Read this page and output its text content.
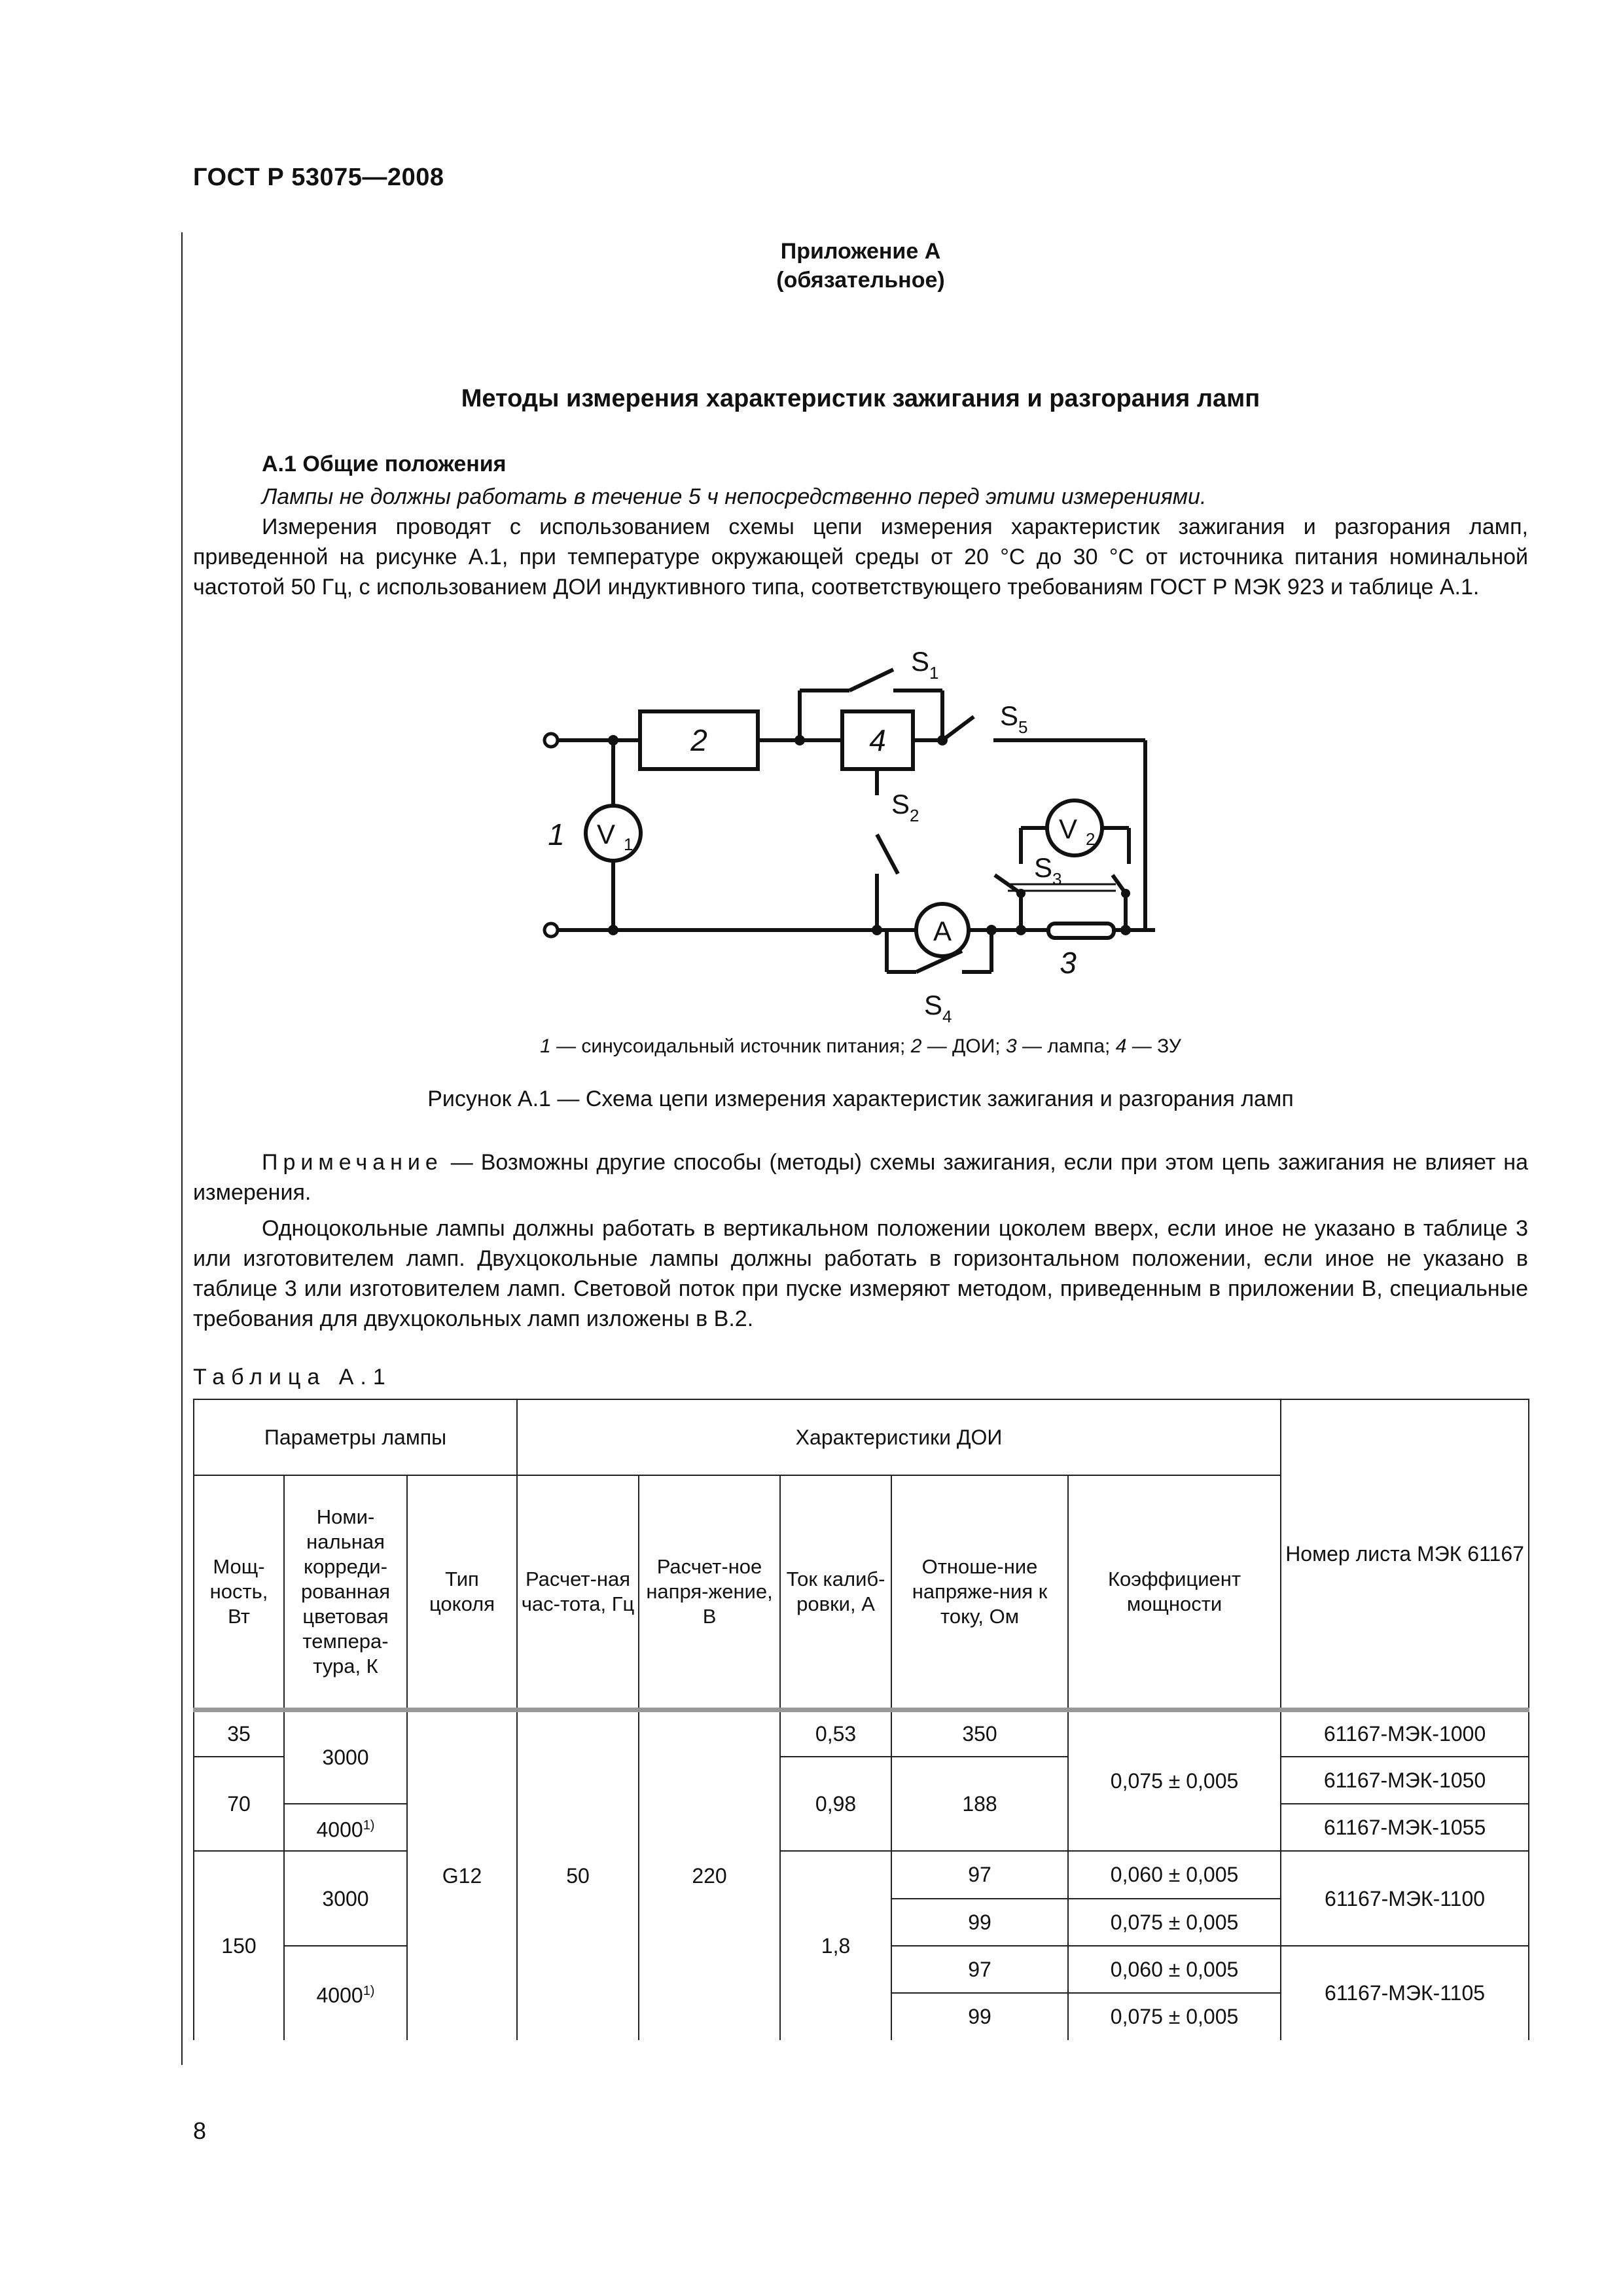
ГОСТ Р 53075—2008
Приложение А
(обязательное)
Методы измерения характеристик зажигания и разгорания ламп
А.1 Общие положения
Лампы не должны работать в течение 5 ч непосредственно перед этими измерениями.
Измерения проводят с использованием схемы цепи измерения характеристик зажигания и разгорания ламп, приведенной на рисунке А.1, при температуре окружающей среды от 20 °С до 30 °С от источника питания номинальной частотой 50 Гц, с использованием ДОИ индуктивного типа, соответствующего требованиям ГОСТ Р МЭК 923 и таблице А.1.
2	4
1
3
V 1	V 2
A
S 1
S 2
S 3
S 4
S 5
1 — синусоидальный источник питания; 2 — ДОИ; 3 — лампа; 4 — ЗУ
Рисунок А.1 — Схема цепи измерения характеристик зажигания и разгорания ламп
Примечание — Возможны другие способы (методы) схемы зажигания, если при этом цепь зажигания не влияет на измерения.
Одноцокольные лампы должны работать в вертикальном положении цоколем вверх, если иное не указано в таблице 3 или изготовителем ламп. Двухцокольные лампы должны работать в горизонтальном положении, если иное не указано в таблице 3 или изготовителем ламп. Световой поток при пуске измеряют методом, приведенным в приложении В, специальные требования для двухцокольных ламп изложены в В.2.
Таблица А.1
Параметры лампы			Характеристики ДОИ					Номер листа МЭК 61167
Мощ-ность, Вт	Номи-нальная корреди-рованная цветовая темпера-тура, К	Тип цоколя	Расчет-ная час-тота, Гц	Расчет-ное напря-жение, В	Ток калиб-ровки, А	Отноше-ние напряже-ния к току, Ом	Коэффициент мощности	
35	3000	G12	50	220	0,53	350	0,075 ± 0,005	61167-МЭК-1000
70					0,98	188		61167-МЭК-1050
	4000$^{1)}$							61167-МЭК-1055
150	3000				1,8	97	0,060 ± 0,005	61167-МЭК-1100
						99	0,075 ± 0,005	
	4000$^{1)}$					97	0,060 ± 0,005	61167-МЭК-1105
						99	0,075 ± 0,005	
8
